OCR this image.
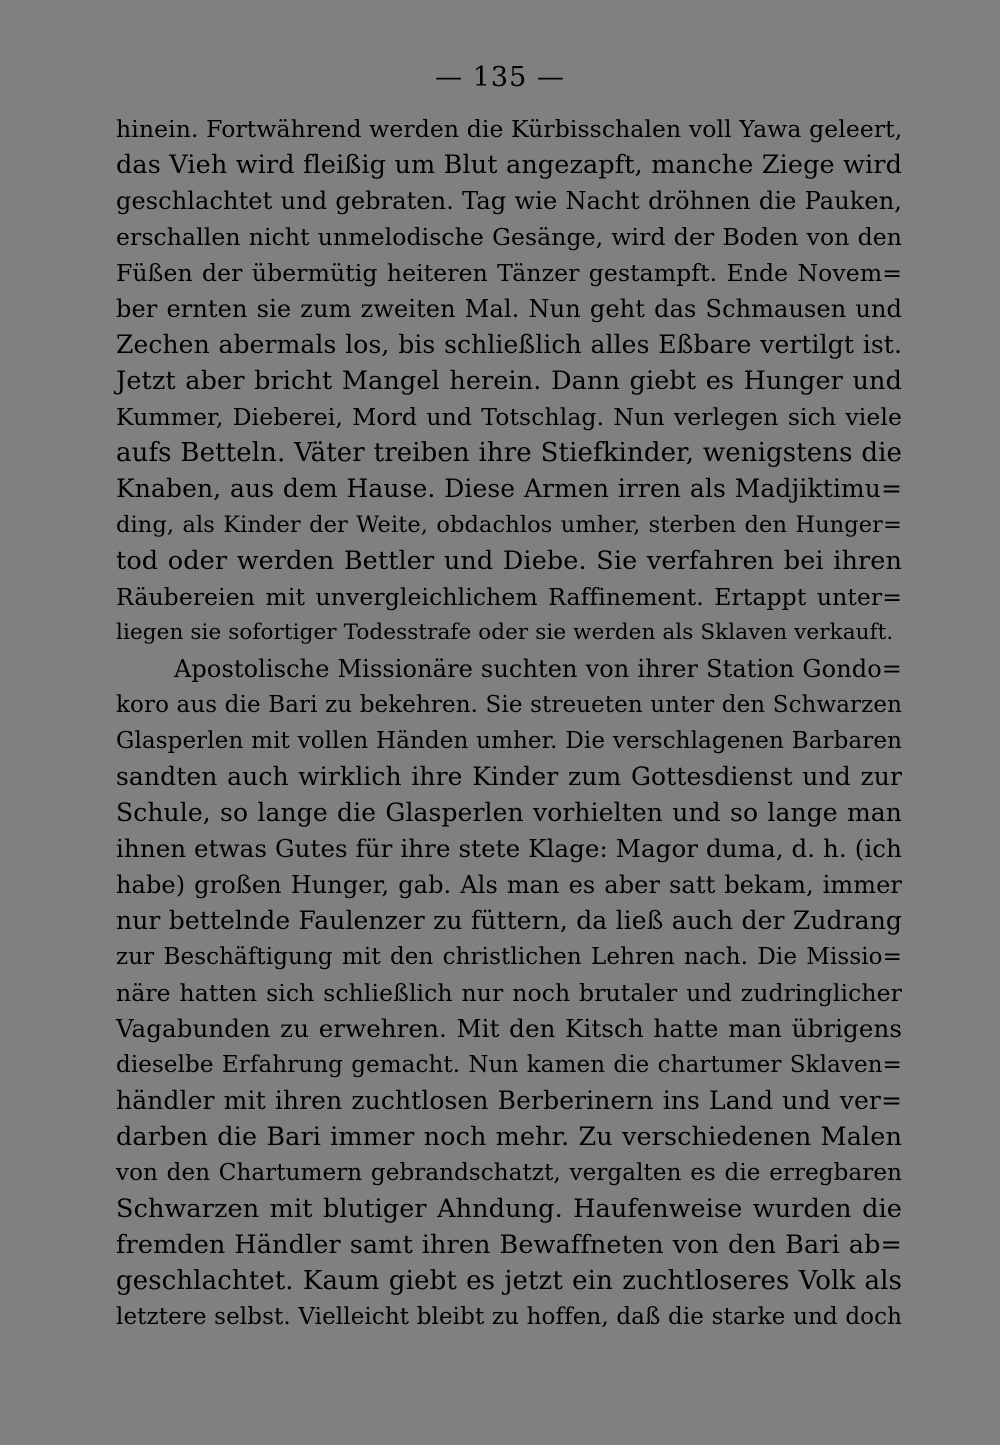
— 135 —
hinein. Fortwährend werden die Kürbisschalen voll Yawa geleert,
das Vieh wird fleißig um Blut angezapft, manche Ziege wird
geschlachtet und gebraten. Tag wie Nacht dröhnen die Pauken,
erschallen nicht unmelodische Gesänge, wird der Boden von den
Füßen der übermütig heiteren Tänzer gestampft. Ende Novem=
ber ernten sie zum zweiten Mal. Nun geht das Schmausen und
Zechen abermals los, bis schließlich alles Eßbare vertilgt ist.
Jetzt aber bricht Mangel herein. Dann giebt es Hunger und
Kummer, Dieberei, Mord und Totschlag. Nun verlegen sich viele
aufs Betteln. Väter treiben ihre Stiefkinder, wenigstens die
Knaben, aus dem Hause. Diese Armen irren als Madjiktimu=
ding, als Kinder der Weite, obdachlos umher, sterben den Hunger=
tod oder werden Bettler und Diebe. Sie verfahren bei ihren
Räubereien mit unvergleichlichem Raffinement. Ertappt unter=
liegen sie sofortiger Todesstrafe oder sie werden als Sklaven verkauft.
Apostolische Missionäre suchten von ihrer Station Gondo=
koro aus die Bari zu bekehren. Sie streueten unter den Schwarzen
Glasperlen mit vollen Händen umher. Die verschlagenen Barbaren
sandten auch wirklich ihre Kinder zum Gottesdienst und zur
Schule, so lange die Glasperlen vorhielten und so lange man
ihnen etwas Gutes für ihre stete Klage: Magor duma, d. h. (ich
habe) großen Hunger, gab. Als man es aber satt bekam, immer
nur bettelnde Faulenzer zu füttern, da ließ auch der Zudrang
zur Beschäftigung mit den christlichen Lehren nach. Die Missio=
näre hatten sich schließlich nur noch brutaler und zudringlicher
Vagabunden zu erwehren. Mit den Kitsch hatte man übrigens
dieselbe Erfahrung gemacht. Nun kamen die chartumer Sklaven=
händler mit ihren zuchtlosen Berberinern ins Land und ver=
darben die Bari immer noch mehr. Zu verschiedenen Malen
von den Chartumern gebrandschatzt, vergalten es die erregbaren
Schwarzen mit blutiger Ahndung. Haufenweise wurden die
fremden Händler samt ihren Bewaffneten von den Bari ab=
geschlachtet. Kaum giebt es jetzt ein zuchtloseres Volk als
letztere selbst. Vielleicht bleibt zu hoffen, daß die starke und doch
